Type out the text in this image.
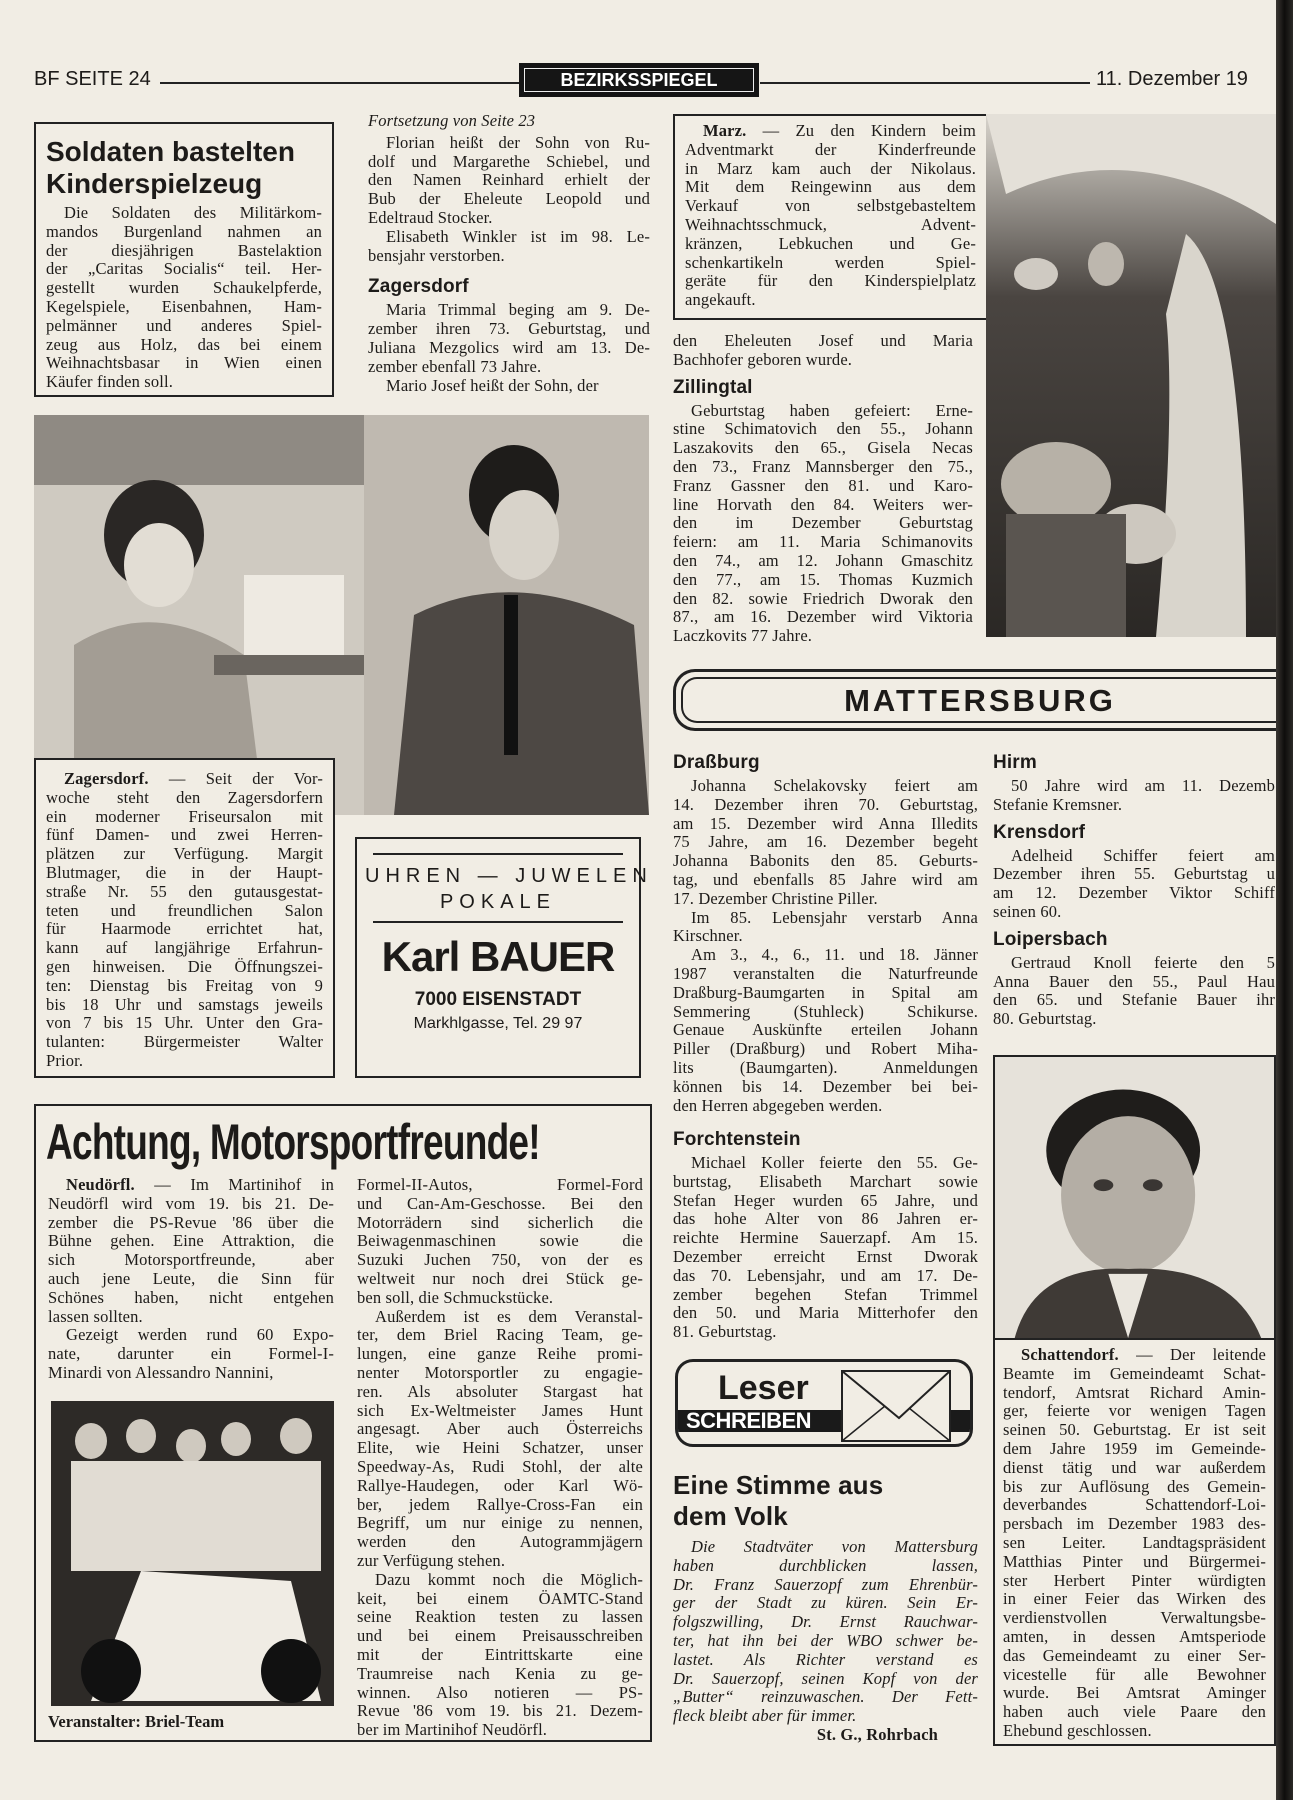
BF SEITE 24	BEZIRKSSPIEGEL	11. Dezember 19
Soldaten bastelten
Kinderspielzeug
Die Soldaten des Militärkom-
mandos Burgenland nahmen an
der diesjährigen Bastelaktion
der „Caritas Socialis“ teil. Her-
gestellt wurden Schaukelpferde,
Kegelspiele, Eisenbahnen, Ham-
pelmänner und anderes Spiel-
zeug aus Holz, das bei einem
Weihnachtsbasar in Wien einen
Käufer finden soll.
Fortsetzung von Seite 23
Florian heißt der Sohn von Ru-
dolf und Margarethe Schiebel, und
den Namen Reinhard erhielt der
Bub der Eheleute Leopold und
Edeltraud Stocker.
Elisabeth Winkler ist im 98. Le-
bensjahr verstorben.
Zagersdorf
Maria Trimmal beging am 9. De-
zember ihren 73. Geburtstag, und
Juliana Mezgolics wird am 13. De-
zember ebenfall 73 Jahre.
Mario Josef heißt der Sohn, der
Marz. — Zu den Kindern beim
Adventmarkt der Kinderfreunde
in Marz kam auch der Nikolaus.
Mit dem Reingewinn aus dem
Verkauf von selbstgebasteltem
Weihnachtsschmuck, Advent-
kränzen, Lebkuchen und Ge-
schenkartikeln werden Spiel-
geräte für den Kinderspielplatz
angekauft.
den Eheleuten Josef und Maria
Bachhofer geboren wurde.
Zillingtal
Geburtstag haben gefeiert: Erne-
stine Schimatovich den 55., Johann
Laszakovits den 65., Gisela Necas
den 73., Franz Mannsberger den 75.,
Franz Gassner den 81. und Karo-
line Horvath den 84. Weiters wer-
den im Dezember Geburtstag
feiern: am 11. Maria Schimanovits
den 74., am 12. Johann Gmaschitz
den 77., am 15. Thomas Kuzmich
den 82. sowie Friedrich Dworak den
87., am 16. Dezember wird Viktoria
Laczkovits 77 Jahre.
Zagersdorf. — Seit der Vor-
woche steht den Zagersdorfern
ein moderner Friseursalon mit
fünf Damen- und zwei Herren-
plätzen zur Verfügung. Margit
Blutmager, die in der Haupt-
straße Nr. 55 den gutausgestat-
teten und freundlichen Salon
für Haarmode errichtet hat,
kann auf langjährige Erfahrun-
gen hinweisen. Die Öffnungszei-
ten: Dienstag bis Freitag von 9
bis 18 Uhr und samstags jeweils
von 7 bis 15 Uhr. Unter den Gra-
tulanten: Bürgermeister Walter
Prior.
UHREN — JUWELEN
POKALE
Karl BAUER
7000 EISENSTADT
Markhlgasse, Tel. 29 97
MATTERSBURG
Draßburg
Johanna Schelakovsky feiert am
14. Dezember ihren 70. Geburtstag,
am 15. Dezember wird Anna Illedits
75 Jahre, am 16. Dezember begeht
Johanna Babonits den 85. Geburts-
tag, und ebenfalls 85 Jahre wird am
17. Dezember Christine Piller.
Im 85. Lebensjahr verstarb Anna
Kirschner.
Am 3., 4., 6., 11. und 18. Jänner
1987 veranstalten die Naturfreunde
Draßburg-Baumgarten in Spital am
Semmering (Stuhleck) Schikurse.
Genaue Auskünfte erteilen Johann
Piller (Draßburg) und Robert Miha-
lits (Baumgarten). Anmeldungen
können bis 14. Dezember bei bei-
den Herren abgegeben werden.
Hirm
50 Jahre wird am 11. Dezemb
Stefanie Kremsner.
Krensdorf
Adelheid Schiffer feiert am
Dezember ihren 55. Geburtstag u
am 12. Dezember Viktor Schiff
seinen 60.
Loipersbach
Gertraud Knoll feierte den 5
Anna Bauer den 55., Paul Hau
den 65. und Stefanie Bauer ihr
80. Geburtstag.
Schattendorf. — Der leitende
Beamte im Gemeindeamt Schat-
tendorf, Amtsrat Richard Amin-
ger, feierte vor wenigen Tagen
seinen 50. Geburtstag. Er ist seit
dem Jahre 1959 im Gemeinde-
dienst tätig und war außerdem
bis zur Auflösung des Gemein-
deverbandes Schattendorf-Loi-
persbach im Dezember 1983 des-
sen Leiter. Landtagspräsident
Matthias Pinter und Bürgermei-
ster Herbert Pinter würdigten
in einer Feier das Wirken des
verdienstvollen Verwaltungsbe-
amten, in dessen Amtsperiode
das Gemeindeamt zu einer Ser-
vicestelle für alle Bewohner
wurde. Bei Amtsrat Aminger
haben auch viele Paare den
Ehebund geschlossen.
Achtung, Motorsportfreunde!
Neudörfl. — Im Martinihof in
Neudörfl wird vom 19. bis 21. De-
zember die PS-Revue '86 über die
Bühne gehen. Eine Attraktion, die
sich Motorsportfreunde, aber
auch jene Leute, die Sinn für
Schönes haben, nicht entgehen
lassen sollten.
Gezeigt werden rund 60 Expo-
nate, darunter ein Formel-I-
Minardi von Alessandro Nannini,
Veranstalter: Briel-Team
Formel-II-Autos, Formel-Ford
und Can-Am-Geschosse. Bei den
Motorrädern sind sicherlich die
Beiwagenmaschinen sowie die
Suzuki Juchen 750, von der es
weltweit nur noch drei Stück ge-
ben soll, die Schmuckstücke.
Außerdem ist es dem Veranstal-
ter, dem Briel Racing Team, ge-
lungen, eine ganze Reihe promi-
nenter Motorsportler zu engagie-
ren. Als absoluter Stargast hat
sich Ex-Weltmeister James Hunt
angesagt. Aber auch Österreichs
Elite, wie Heini Schatzer, unser
Speedway-As, Rudi Stohl, der alte
Rallye-Haudegen, oder Karl Wö-
ber, jedem Rallye-Cross-Fan ein
Begriff, um nur einige zu nennen,
werden den Autogrammjägern
zur Verfügung stehen.
Dazu kommt noch die Möglich-
keit, bei einem ÖAMTC-Stand
seine Reaktion testen zu lassen
und bei einem Preisausschreiben
mit der Eintrittskarte eine
Traumreise nach Kenia zu ge-
winnen. Also notieren — PS-
Revue '86 vom 19. bis 21. Dezem-
ber im Martinihof Neudörfl.
Forchtenstein
Michael Koller feierte den 55. Ge-
burtstag, Elisabeth Marchart sowie
Stefan Heger wurden 65 Jahre, und
das hohe Alter von 86 Jahren er-
reichte Hermine Sauerzapf. Am 15.
Dezember erreicht Ernst Dworak
das 70. Lebensjahr, und am 17. De-
zember begehen Stefan Trimmel
den 50. und Maria Mitterhofer den
81. Geburtstag.
Leser
SCHREIBEN
Eine Stimme aus
dem Volk
Die Stadtväter von Mattersburg
haben durchblicken lassen,
Dr. Franz Sauerzopf zum Ehrenbür-
ger der Stadt zu küren. Sein Er-
folgszwilling, Dr. Ernst Rauchwar-
ter, hat ihn bei der WBO schwer be-
lastet. Als Richter verstand es
Dr. Sauerzopf, seinen Kopf von der
„Butter“ reinzuwaschen. Der Fett-
fleck bleibt aber für immer.
St. G., Rohrbach
